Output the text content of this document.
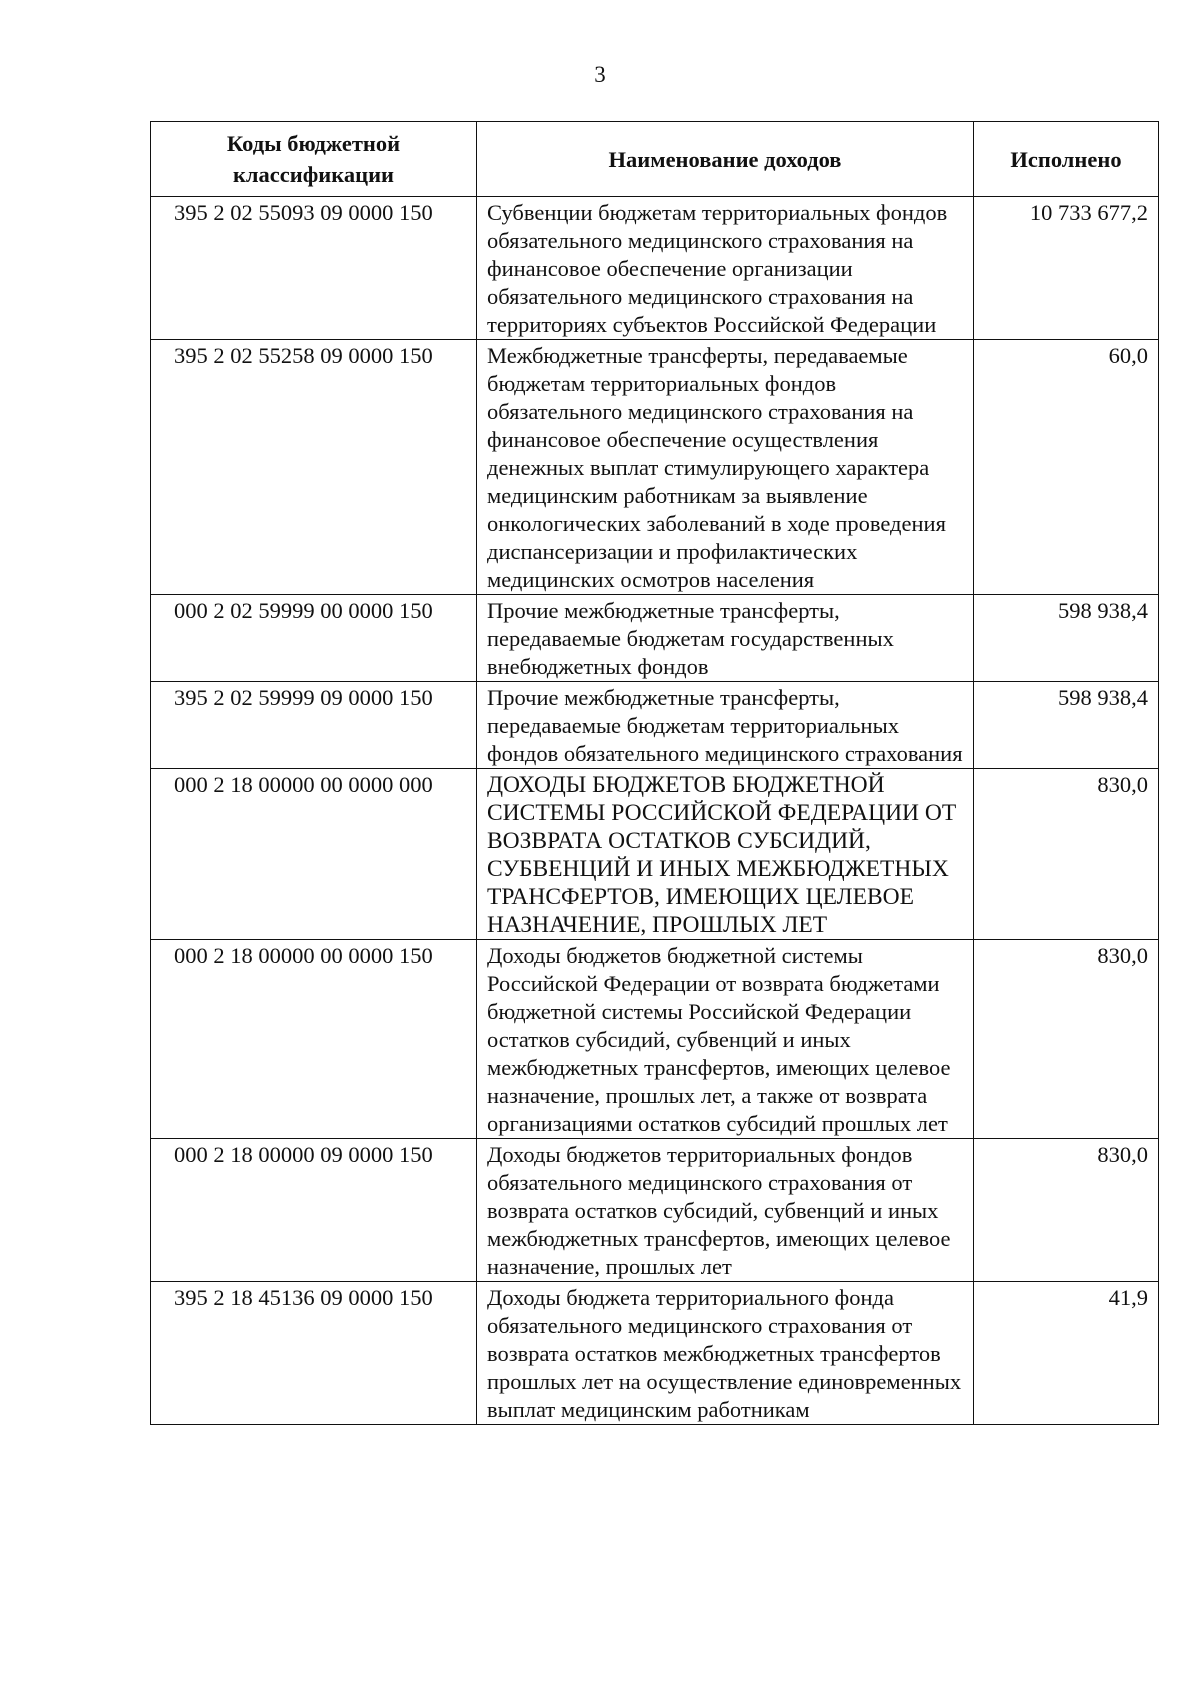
3
Коды бюджетной классификации	Наименование доходов	Исполнено
395 2 02 55093 09 0000 150	Субвенции бюджетам территориальных фондов обязательного медицинского страхования на финансовое обеспечение организации обязательного медицинского страхования на территориях субъектов Российской Федерации	10 733 677,2
395 2 02 55258 09 0000 150	Межбюджетные трансферты, передаваемые бюджетам территориальных фондов обязательного медицинского страхования на финансовое обеспечение осуществления денежных выплат стимулирующего характера медицинским работникам за выявление онкологических заболеваний в ходе проведения диспансеризации и профилактических медицинских осмотров населения	60,0
000 2 02 59999 00 0000 150	Прочие межбюджетные трансферты, передаваемые бюджетам государственных внебюджетных фондов	598 938,4
395 2 02 59999 09 0000 150	Прочие межбюджетные трансферты, передаваемые бюджетам территориальных фондов обязательного медицинского страхования	598 938,4
000 2 18 00000 00 0000 000	ДОХОДЫ БЮДЖЕТОВ БЮДЖЕТНОЙ СИСТЕМЫ РОССИЙСКОЙ ФЕДЕРАЦИИ ОТ ВОЗВРАТА ОСТАТКОВ СУБСИДИЙ, СУБВЕНЦИЙ И ИНЫХ МЕЖБЮДЖЕТНЫХ ТРАНСФЕРТОВ, ИМЕЮЩИХ ЦЕЛЕВОЕ НАЗНАЧЕНИЕ, ПРОШЛЫХ ЛЕТ	830,0
000 2 18 00000 00 0000 150	Доходы бюджетов бюджетной системы Российской Федерации от возврата бюджетами бюджетной системы Российской Федерации остатков субсидий, субвенций и иных межбюджетных трансфертов, имеющих целевое назначение, прошлых лет, а также от возврата организациями остатков субсидий прошлых лет	830,0
000 2 18 00000 09 0000 150	Доходы бюджетов территориальных фондов обязательного медицинского страхования от возврата остатков субсидий, субвенций и иных межбюджетных трансфертов, имеющих целевое назначение, прошлых лет	830,0
395 2 18 45136 09 0000 150	Доходы бюджета территориального фонда обязательного медицинского страхования от возврата остатков межбюджетных трансфертов прошлых лет на осуществление единовременных выплат медицинским работникам	41,9
